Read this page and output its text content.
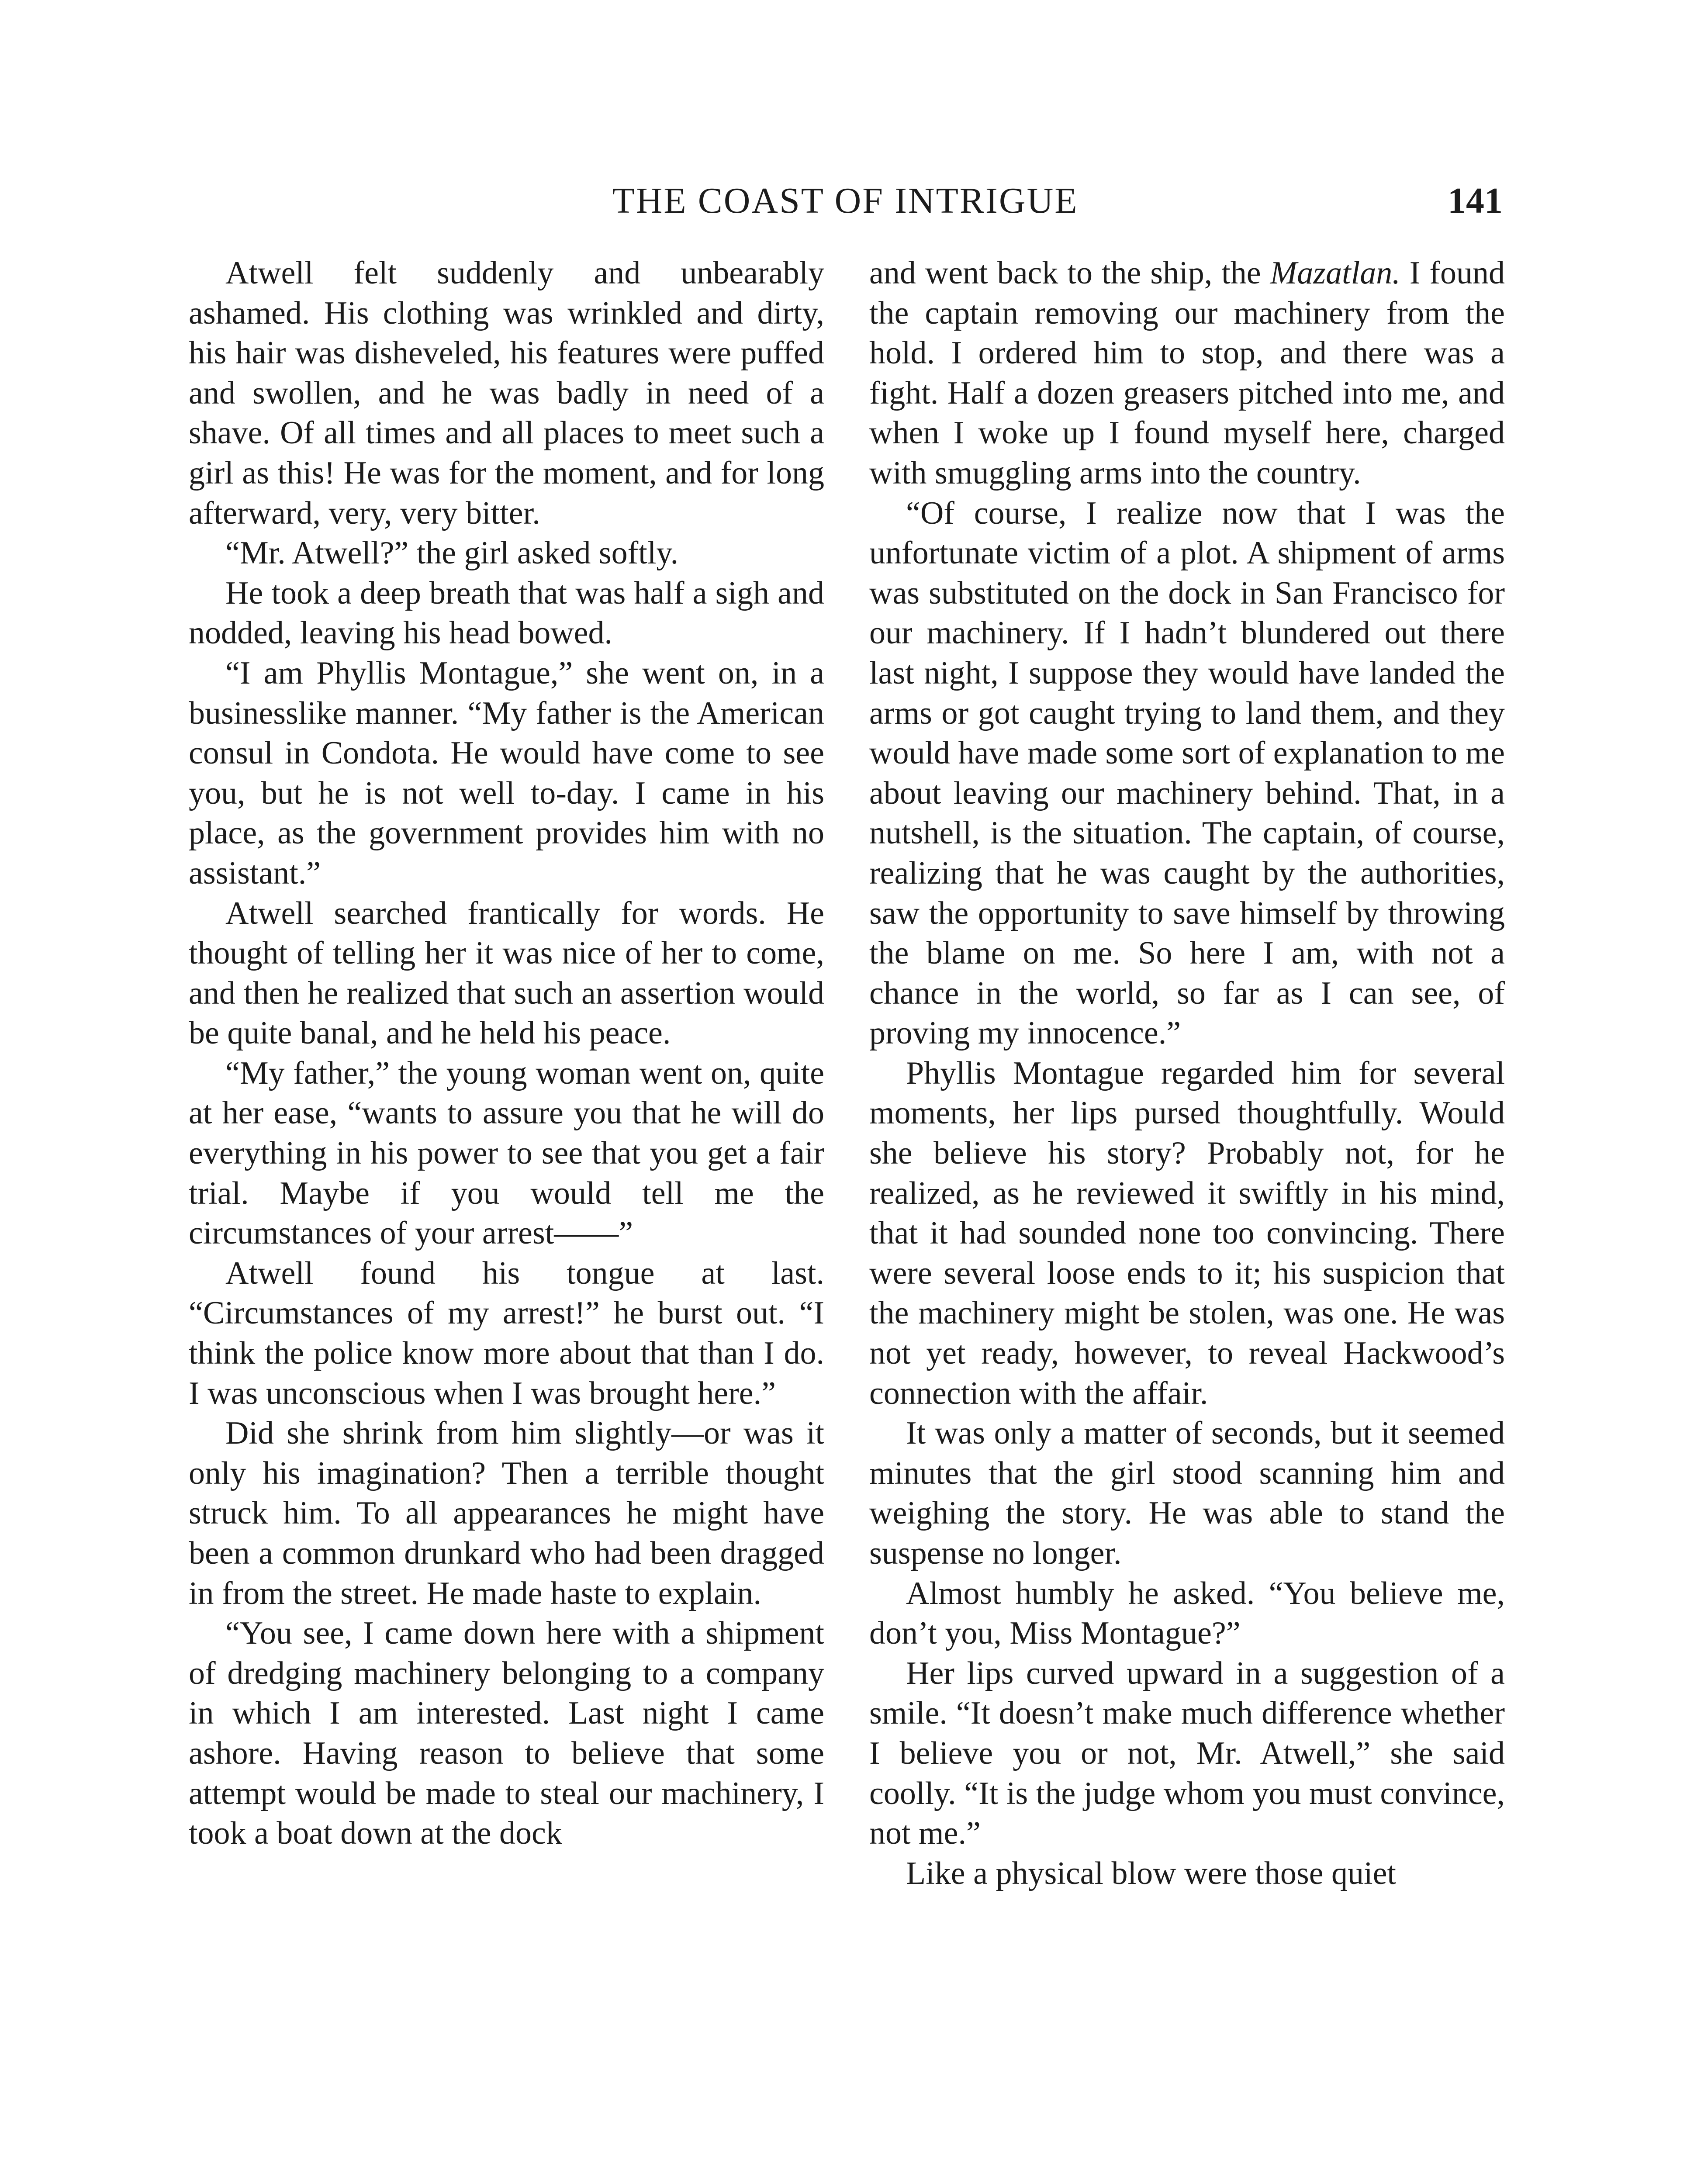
THE COAST OF INTRIGUE	141

Atwell felt suddenly and unbearably ashamed. His clothing was wrinkled and dirty, his hair was disheveled, his features were puffed and swollen, and he was badly in need of a shave. Of all times and all places to meet such a girl as this! He was for the moment, and for long afterward, very, very bitter.

“Mr. Atwell?” the girl asked softly.

He took a deep breath that was half a sigh and nodded, leaving his head bowed.

“I am Phyllis Montague,” she went on, in a businesslike manner. “My father is the American consul in Condota. He would have come to see you, but he is not well to-day. I came in his place, as the government provides him with no assistant.”

Atwell searched frantically for words. He thought of telling her it was nice of her to come, and then he realized that such an assertion would be quite banal, and he held his peace.

“My father,” the young woman went on, quite at her ease, “wants to assure you that he will do everything in his power to see that you get a fair trial. Maybe if you would tell me the circumstances of your arrest——”

Atwell found his tongue at last. “Circumstances of my arrest!” he burst out. “I think the police know more about that than I do. I was unconscious when I was brought here.”

Did she shrink from him slightly—or was it only his imagination? Then a terrible thought struck him. To all appearances he might have been a common drunkard who had been dragged in from the street. He made haste to explain.

“You see, I came down here with a shipment of dredging machinery belonging to a company in which I am interested. Last night I came ashore. Having reason to believe that some attempt would be made to steal our machinery, I took a boat down at the dock

and went back to the ship, the Mazatlan. I found the captain removing our machinery from the hold. I ordered him to stop, and there was a fight. Half a dozen greasers pitched into me, and when I woke up I found myself here, charged with smuggling arms into the country.

“Of course, I realize now that I was the unfortunate victim of a plot. A shipment of arms was substituted on the dock in San Francisco for our machinery. If I hadn’t blundered out there last night, I suppose they would have landed the arms or got caught trying to land them, and they would have made some sort of explanation to me about leaving our machinery behind. That, in a nutshell, is the situation. The captain, of course, realizing that he was caught by the authorities, saw the opportunity to save himself by throwing the blame on me. So here I am, with not a chance in the world, so far as I can see, of proving my innocence.”

Phyllis Montague regarded him for several moments, her lips pursed thoughtfully. Would she believe his story? Probably not, for he realized, as he reviewed it swiftly in his mind, that it had sounded none too convincing. There were several loose ends to it; his suspicion that the machinery might be stolen, was one. He was not yet ready, however, to reveal Hackwood’s connection with the affair.

It was only a matter of seconds, but it seemed minutes that the girl stood scanning him and weighing the story. He was able to stand the suspense no longer.

Almost humbly he asked. “You believe me, don’t you, Miss Montague?”

Her lips curved upward in a suggestion of a smile. “It doesn’t make much difference whether I believe you or not, Mr. Atwell,” she said coolly. “It is the judge whom you must convince, not me.”

Like a physical blow were those quiet
